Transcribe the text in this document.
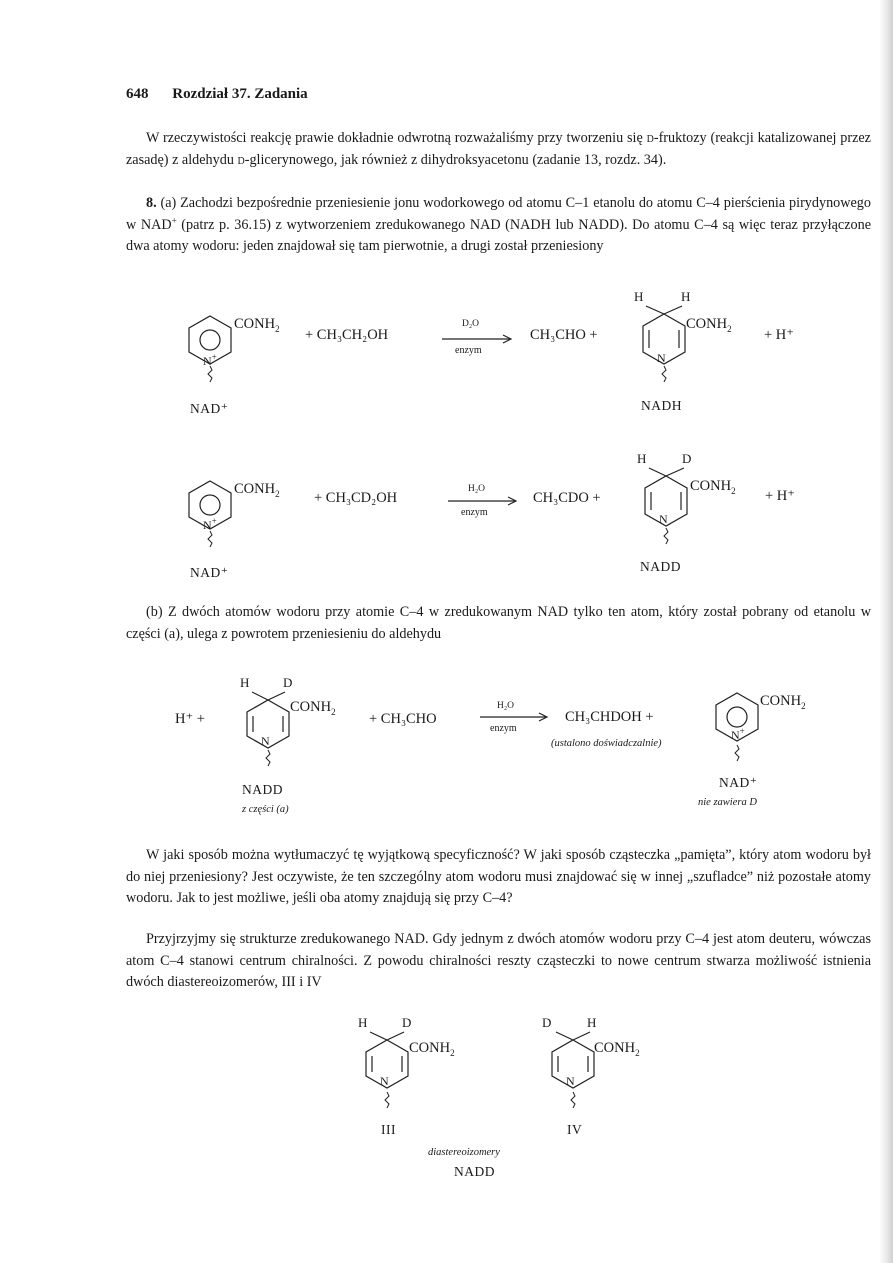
648 Rozdział 37. Zadania

W rzeczywistości reakcję prawie dokładnie odwrotną rozważaliśmy przy tworzeniu się d-fruktozy (reakcji katalizowanej przez zasadę) z aldehydu d-glicerynowego, jak również z dihydroksyacetonu (zadanie 13, rozdz. 34).

8. (a) Zachodzi bezpośrednie przeniesienie jonu wodorkowego od atomu C–1 etanolu do atomu C–4 pierścienia pirydynowego w NAD+ (patrz p. 36.15) z wytworzeniem zredukowanego NAD (NADH lub NADD). Do atomu C–4 są więc teraz przyłączone dwa atomy wodoru: jeden znajdował się tam pierwotnie, a drugi został przeniesiony

$CONH_2$
N+
+ CH₃CH₂OH
D₂O
enzym
CH₃CHO +
H	H
$CONH_2$
N
+ H⁺
NAD⁺	NADH
$CONH_2$
N+
+ CH₃CD₂OH
H₂O
enzym
CH₃CDO +
H	D
$CONH_2$
N
+ H⁺
NAD⁺	NADD

(b) Z dwóch atomów wodoru przy atomie C–4 w zredukowanym NAD tylko ten atom, który został pobrany od etanolu w części (a), ulega z powrotem przeniesieniu do aldehydu

H⁺ +
H	D
$CONH_2$
N
+ CH₃CHO
H₂O
enzym
CH₃CHDOH +
(ustalono doświadczalnie)
$CONH_2$
N+
NADD
z części (a)
NAD⁺
nie zawiera D

W jaki sposób można wytłumaczyć tę wyjątkową specyficzność? W jaki sposób cząsteczka „pamięta”, który atom wodoru był do niej przeniesiony? Jest oczywiste, że ten szczególny atom wodoru musi znajdować się w innej „szufladce” niż pozostałe atomy wodoru. Jak to jest możliwe, jeśli oba atomy znajdują się przy C–4?

Przyjrzyjmy się strukturze zredukowanego NAD. Gdy jednym z dwóch atomów wodoru przy C–4 jest atom deuteru, wówczas atom C–4 stanowi centrum chiralności. Z powodu chiralności reszty cząsteczki to nowe centrum stwarza możliwość istnienia dwóch diastereoizomerów, III i IV

H	D
$CONH_2$
N
III
D	H
$CONH_2$
N
IV
diastereoizomery
NADD
